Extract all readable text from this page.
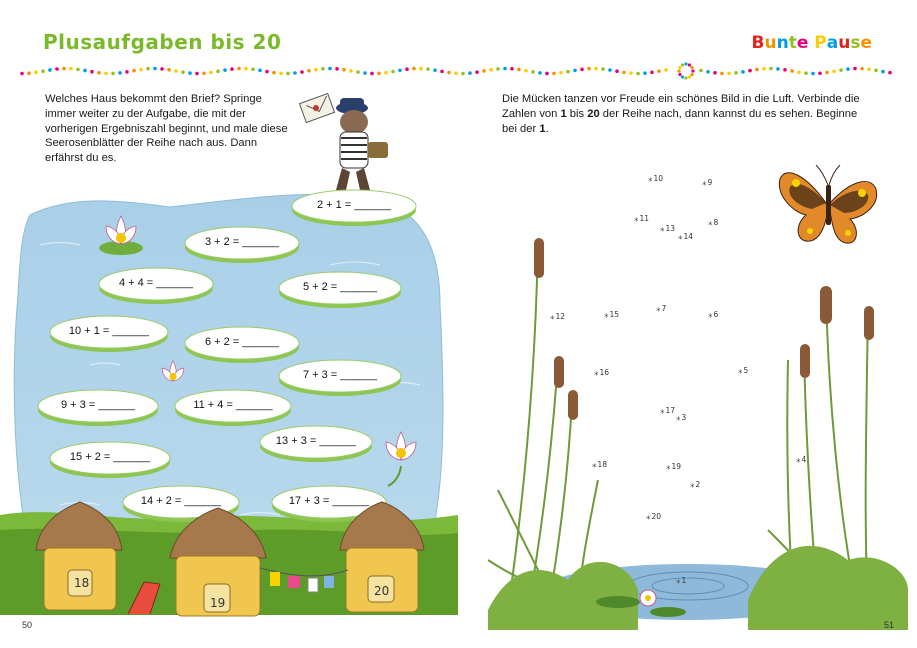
Plusaufgaben bis 20
Welches Haus bekommt den Brief? Springe immer weiter zu der Aufgabe, die mit der vorherigen Ergebniszahl beginnt, und male diese Seerosenblätter der Reihe nach aus. Dann erfährst du es.
2 + 1 = ______
3 + 2 = ______
4 + 4 = ______	5 + 2 = ______
10 + 1 = ______
6 + 2 = ______
7 + 3 = ______
9 + 3 = ______	11 + 4 = ______
13 + 3 = ______
15 + 2 = ______
14 + 2 = ______	17 + 3 = ______
18
19
20
50
Bunte Pause
Die Mücken tanzen vor Freude ein schönes Bild in die Luft. Verbinde die Zahlen von 1 bis 20 der Reihe nach, dann kannst du es sehen. Beginne bei der 1.
⁎ 1
⁎ 2
⁎ 3
⁎ 4
⁎ 5
⁎ 6
⁎ 7
⁎ 8
⁎ 9
⁎ 10
⁎ 11
⁎ 12
⁎ 13
⁎ 14
⁎ 15
⁎ 16
⁎ 17
⁎ 18
⁎	19
⁎ 20
51
